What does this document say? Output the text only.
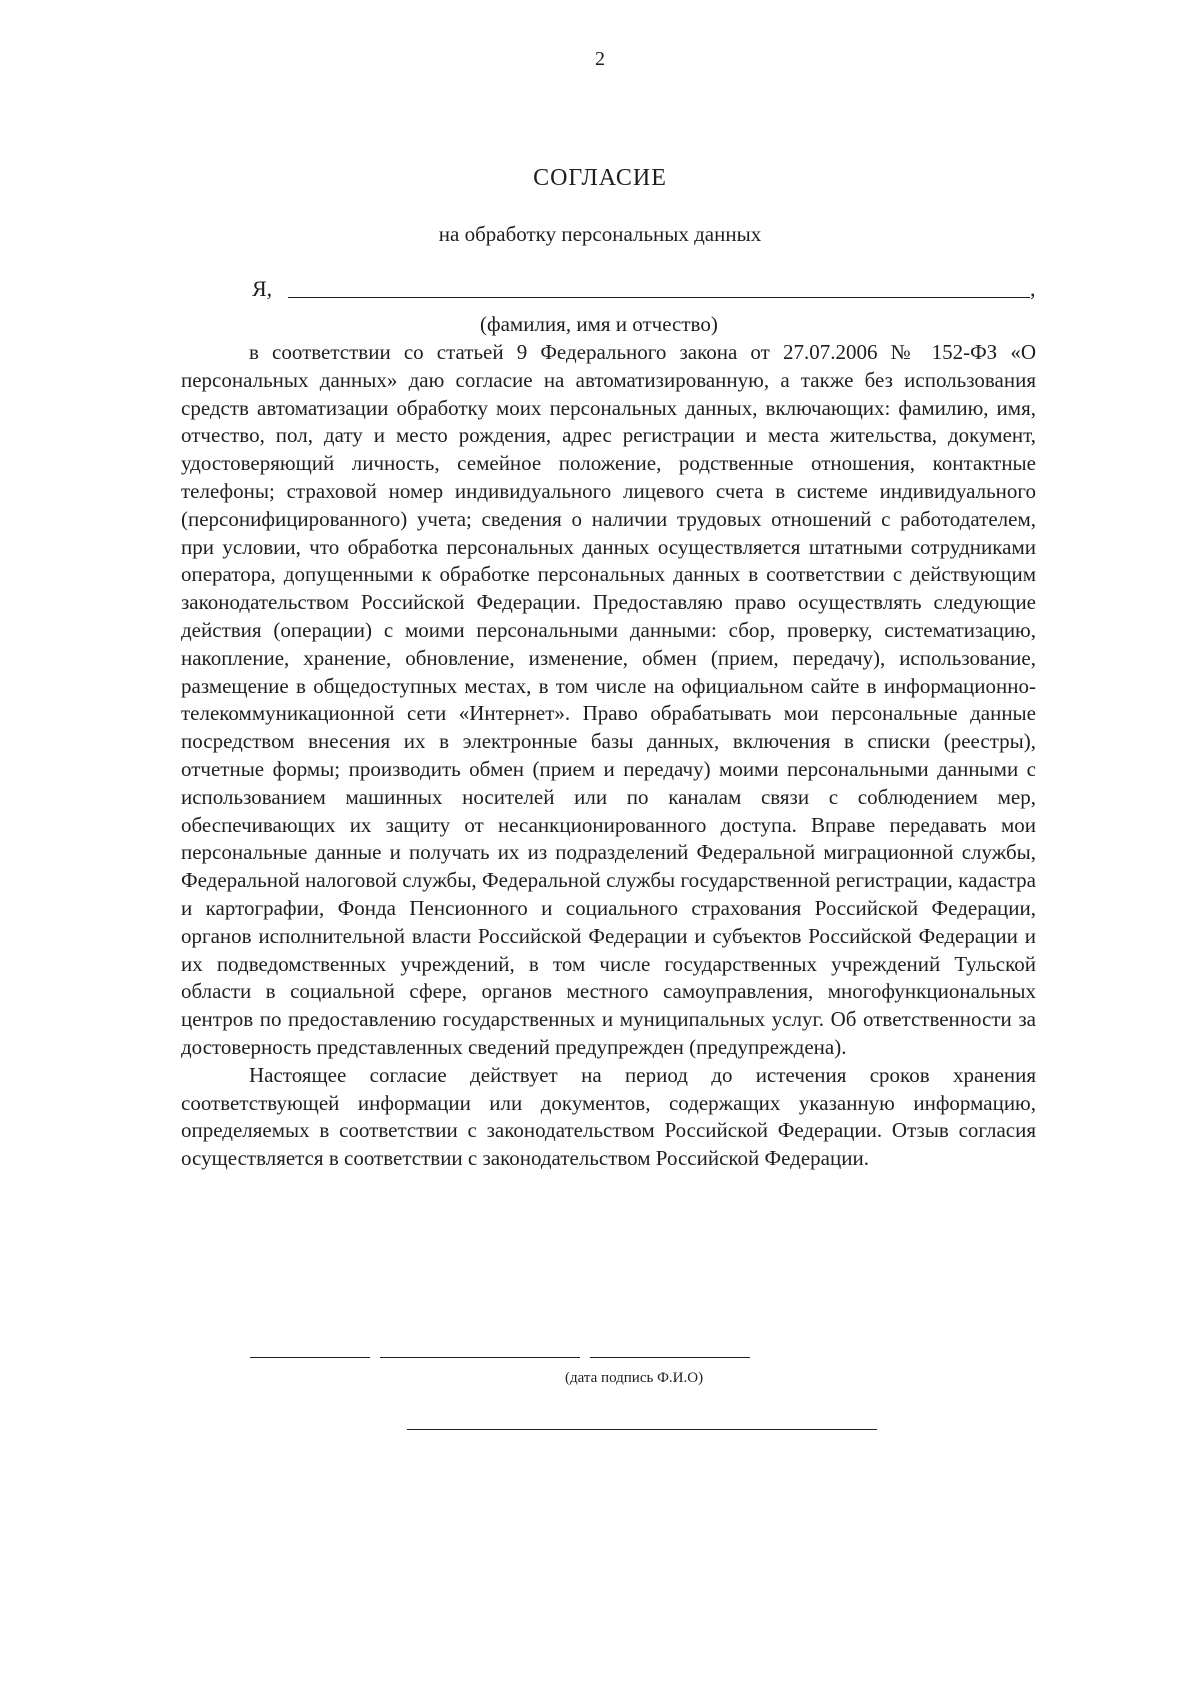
2
СОГЛАСИЕ
на обработку персональных данных
Я,	,
(фамилия, имя и отчество)

в соответствии со статьей 9 Федерального закона от 27.07.2006 № 152-ФЗ «О персональных данных» даю согласие на автоматизированную, а также без использования средств автоматизации обработку моих персональных данных, включающих: фамилию, имя, отчество, пол, дату и место рождения, адрес регистрации и места жительства, документ, удостоверяющий личность, семейное положение, родственные отношения, контактные телефоны; страховой номер индивидуального лицевого счета в системе индивидуального (персонифицированного) учета; сведения о наличии трудовых отношений с работодателем, при условии, что обработка персональных данных осуществляется штатными сотрудниками оператора, допущенными к обработке персональных данных в соответствии с действующим законодательством Российской Федерации. Предоставляю право осуществлять следующие действия (операции) с моими персональными данными: сбор, проверку, систематизацию, накопление, хранение, обновление, изменение, обмен (прием, передачу), использование, размещение в общедоступных местах, в том числе на официальном сайте в информационно-телекоммуникационной сети «Интернет». Право обрабатывать мои персональные данные посредством внесения их в электронные базы данных, включения в списки (реестры), отчетные формы; производить обмен (прием и передачу) моими персональными данными с использованием машинных носителей или по каналам связи с соблюдением мер, обеспечивающих их защиту от несанкционированного доступа. Вправе передавать мои персональные данные и получать их из подразделений Федеральной миграционной службы, Федеральной налоговой службы, Федеральной службы государственной регистрации, кадастра и картографии, Фонда Пенсионного и социального страхования Российской Федерации, органов исполнительной власти Российской Федерации и субъектов Российской Федерации и их подведомственных учреждений, в том числе государственных учреждений Тульской области в социальной сфере, органов местного самоуправления, многофункциональных центров по предоставлению государственных и муниципальных услуг. Об ответственности за достоверность представленных сведений предупрежден (предупреждена).

Настоящее согласие действует на период до истечения сроков хранения соответствующей информации или документов, содержащих указанную информацию, определяемых в соответствии с законодательством Российской Федерации. Отзыв согласия осуществляется в соответствии с законодательством Российской Федерации.

(дата подпись Ф.И.О)
